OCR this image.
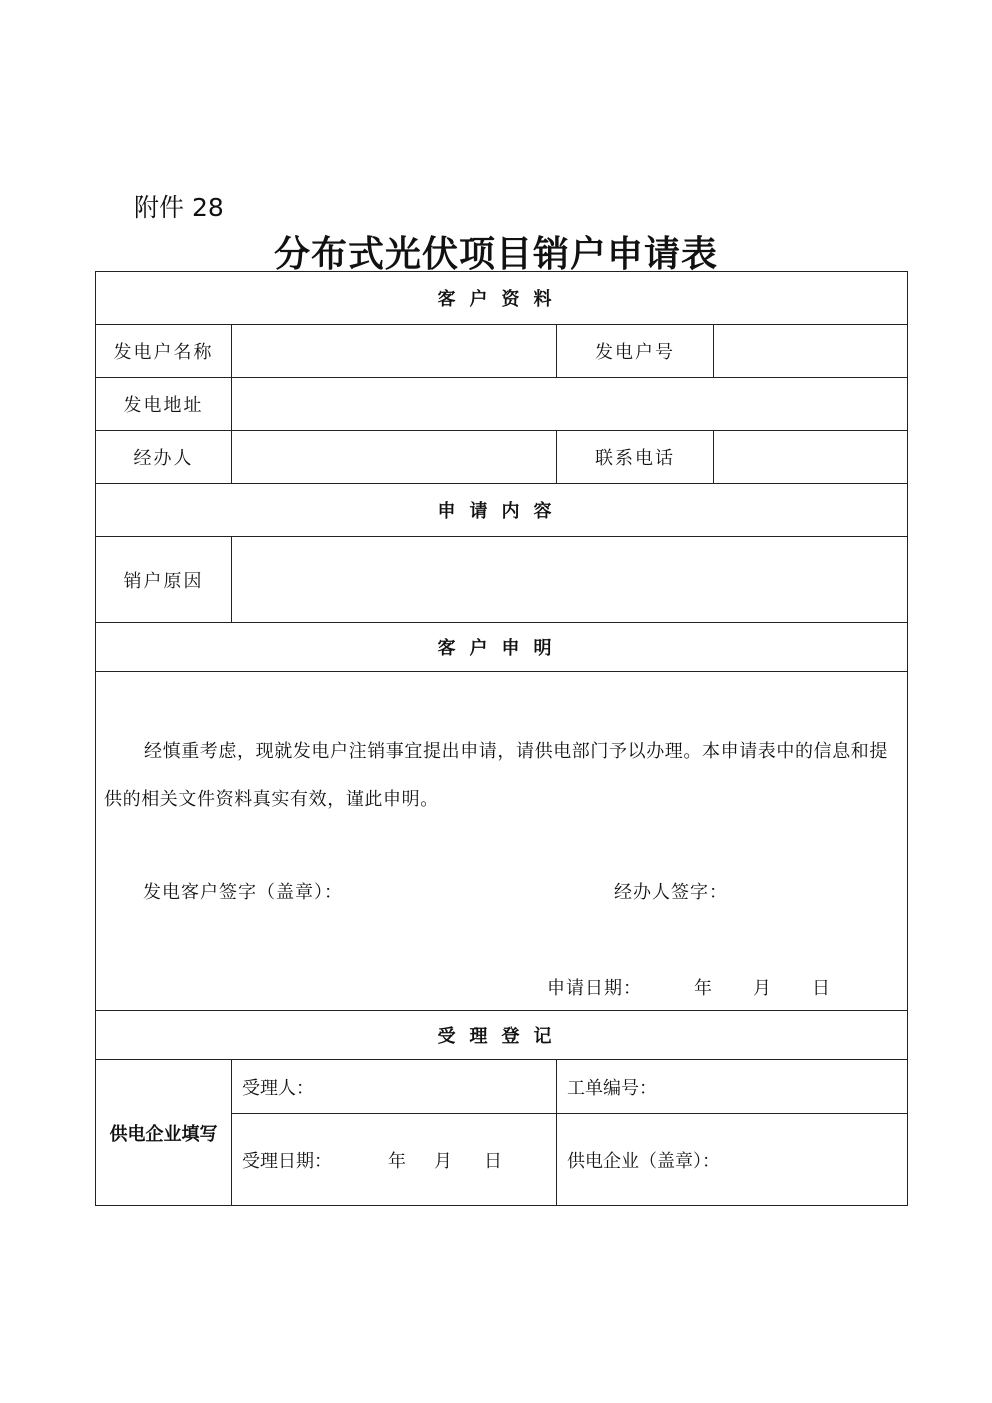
附件 28
分布式光伏项目销户申请表
客户资料			
发电户名称		发电户号	
发电地址			
经办人		联系电话	
申请内容			
销户原因			
客户申明			

经慎重考虑，现就发电户注销事宜提出申请，请供电部门予以办理。本申请表中的信息和提供的相关文件资料真实有效，谨此申明。
发电客户签字（盖章）： 经办人签字：
申请日期： 年 月 日			

受理登记			
供电企业填写	受理人：	工单编号：	
	受理日期： 年 月 日	供电企业（盖章）：	
